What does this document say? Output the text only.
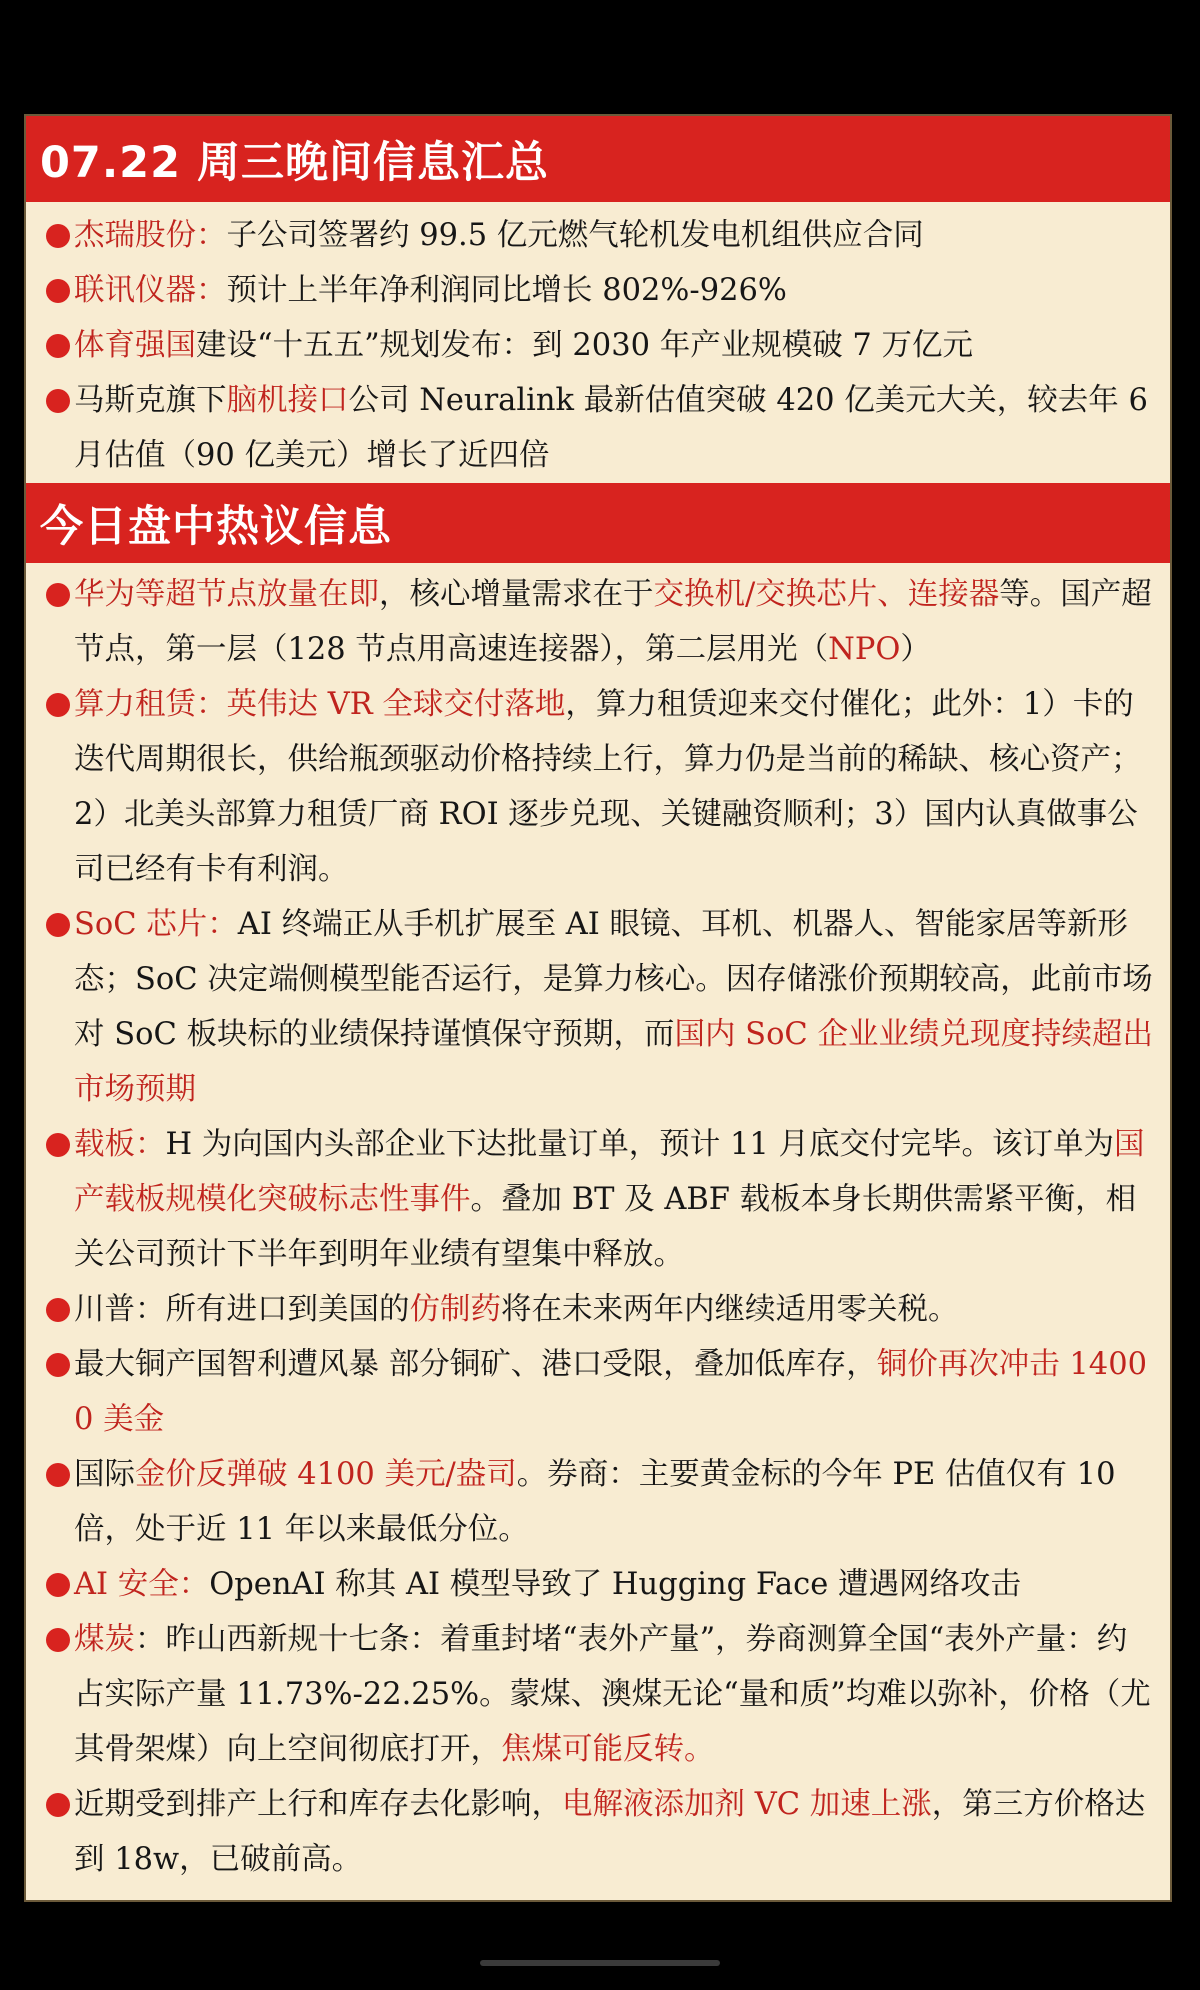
07.22 周三晚间信息汇总
杰瑞股份：子公司签署约 99.5 亿元燃气轮机发电机组供应合同
联讯仪器：预计上半年净利润同比增长 802%-926%
体育强国建设“十五五”规划发布：到 2030 年产业规模破 7 万亿元
马斯克旗下脑机接口公司 Neuralink 最新估值突破 420 亿美元大关，较去年 6 月估值（90 亿美元）增长了近四倍
今日盘中热议信息
华为等超节点放量在即，核心增量需求在于交换机/交换芯片、连接器等。国产超节点，第一层（128 节点用高速连接器），第二层用光（NPO）
算力租赁：英伟达 VR 全球交付落地，算力租赁迎来交付催化；此外：1）卡的迭代周期很长，供给瓶颈驱动价格持续上行，算力仍是当前的稀缺、核心资产；2）北美头部算力租赁厂商 ROI 逐步兑现、关键融资顺利；3）国内认真做事公司已经有卡有利润。
SoC 芯片：AI 终端正从手机扩展至 AI 眼镜、耳机、机器人、智能家居等新形态；SoC 决定端侧模型能否运行，是算力核心。因存储涨价预期较高，此前市场对 SoC 板块标的业绩保持谨慎保守预期，而国内 SoC 企业业绩兑现度持续超出市场预期
载板：H 为向国内头部企业下达批量订单，预计 11 月底交付完毕。该订单为国产载板规模化突破标志性事件。叠加 BT 及 ABF 载板本身长期供需紧平衡，相关公司预计下半年到明年业绩有望集中释放。
川普：所有进口到美国的仿制药将在未来两年内继续适用零关税。
最大铜产国智利遭风暴 部分铜矿、港口受限，叠加低库存，铜价再次冲击 14000 美金
国际金价反弹破 4100 美元/盎司。券商：主要黄金标的今年 PE 估值仅有 10 倍，处于近 11 年以来最低分位。
AI 安全：OpenAI 称其 AI 模型导致了 Hugging Face 遭遇网络攻击
煤炭：昨山西新规十七条：着重封堵“表外产量”，券商测算全国“表外产量：约占实际产量 11.73%-22.25%。蒙煤、澳煤无论“量和质”均难以弥补，价格（尤其骨架煤）向上空间彻底打开，焦煤可能反转。
近期受到排产上行和库存去化影响，电解液添加剂 VC 加速上涨，第三方价格达到 18w，已破前高。
